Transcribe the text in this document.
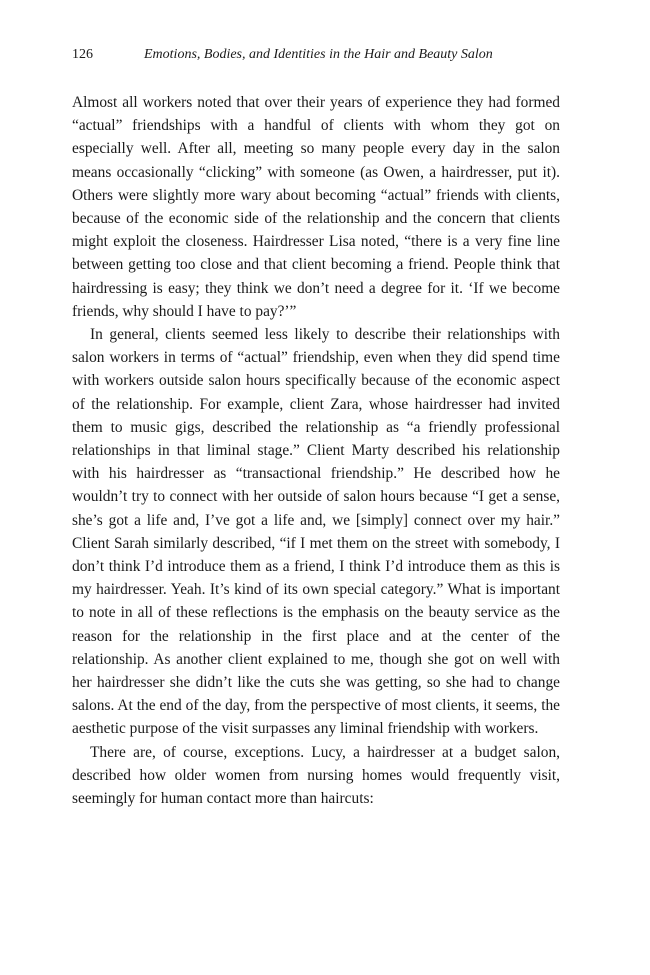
126	Emotions, Bodies, and Identities in the Hair and Beauty Salon

Almost all workers noted that over their years of experience they had formed “actual” friendships with a handful of clients with whom they got on especially well. After all, meeting so many people every day in the salon means occasionally “clicking” with someone (as Owen, a hairdresser, put it). Others were slightly more wary about becoming “actual” friends with clients, because of the economic side of the relationship and the concern that clients might exploit the closeness. Hairdresser Lisa noted, “there is a very fine line between getting too close and that client becoming a friend. People think that hairdressing is easy; they think we don’t need a degree for it. ‘If we become friends, why should I have to pay?’”

In general, clients seemed less likely to describe their relationships with salon workers in terms of “actual” friendship, even when they did spend time with workers outside salon hours specifically because of the economic aspect of the relationship. For example, client Zara, whose hairdresser had invited them to music gigs, described the relationship as “a friendly professional relationships in that liminal stage.” Client Marty described his relationship with his hairdresser as “transactional friendship.” He described how he wouldn’t try to connect with her outside of salon hours because “I get a sense, she’s got a life and, I’ve got a life and, we [simply] connect over my hair.” Client Sarah similarly described, “if I met them on the street with somebody, I don’t think I’d introduce them as a friend, I think I’d introduce them as this is my hairdresser. Yeah. It’s kind of its own special category.” What is important to note in all of these reflections is the emphasis on the beauty service as the reason for the relationship in the first place and at the center of the relationship. As another client explained to me, though she got on well with her hairdresser she didn’t like the cuts she was getting, so she had to change salons. At the end of the day, from the perspective of most clients, it seems, the aesthetic purpose of the visit surpasses any liminal friendship with workers.

There are, of course, exceptions. Lucy, a hairdresser at a budget salon, described how older women from nursing homes would frequently visit, seemingly for human contact more than haircuts:
